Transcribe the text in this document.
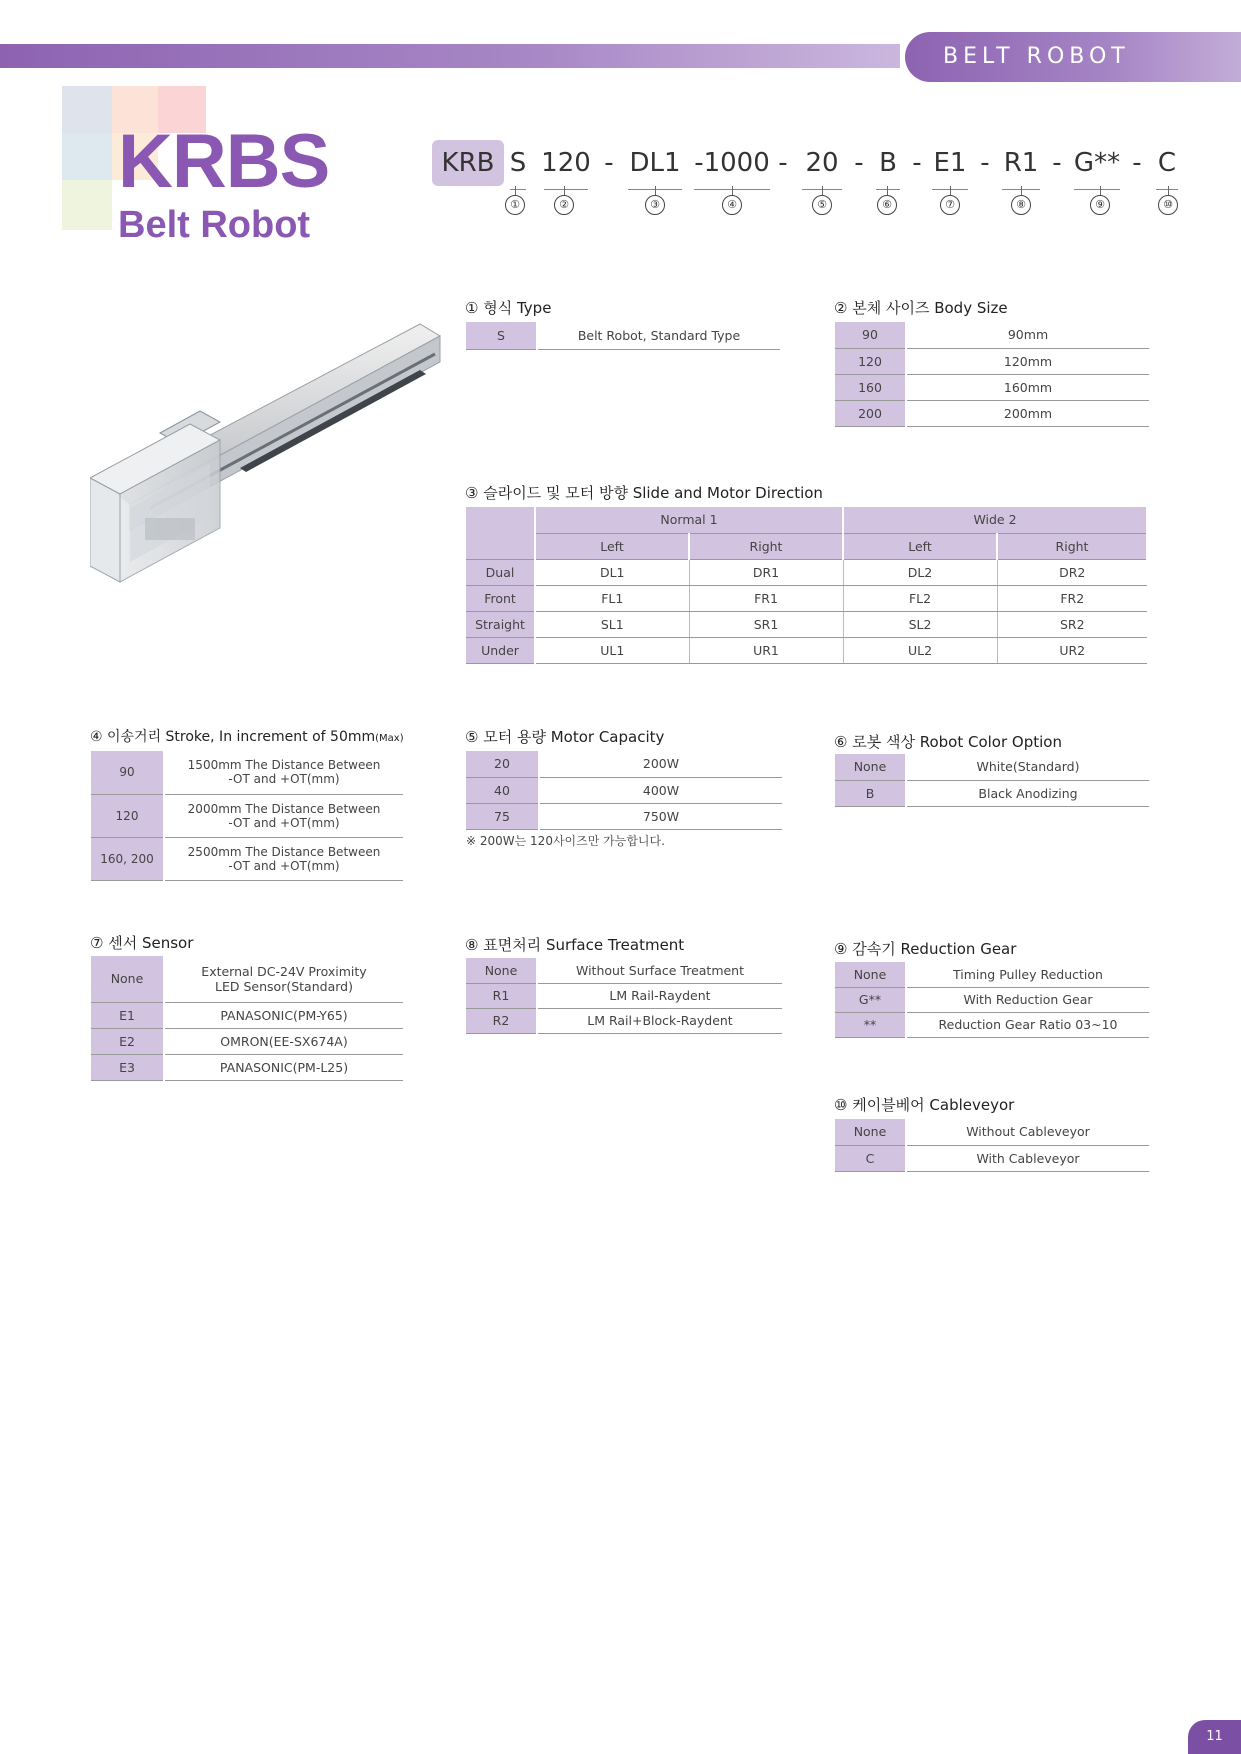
BELT ROBOT
KRBS
Belt Robot
KRB S 120 - DL1 -1000 - 20 - B - E1 - R1 - G** - C
①	②	③	④	⑤	⑥	⑦	⑧	⑨	⑩
① 형식 Type
S	Belt Robot, Standard Type
② 본체 사이즈 Body Size
90	90mm
120	120mm
160	160mm
200	200mm
③ 슬라이드 및 모터 방향 Slide and Motor Direction
	Normal 1		Wide 2	
	Left	Right	Left	Right
Dual	DL1	DR1	DL2	DR2
Front	FL1	FR1	FL2	FR2
Straight	SL1	SR1	SL2	SR2
Under	UL1	UR1	UL2	UR2
④ 이송거리 Stroke, In increment of 50mm(Max)
90	1500mm The Distance Between
-OT and +OT(mm)

120	2000mm The Distance Between
-OT and +OT(mm)

160, 200	2500mm The Distance Between
-OT and +OT(mm)
⑤ 모터 용량 Motor Capacity
20	200W
40	400W
75	750W
※ 200W는 120사이즈만 가능합니다.
⑥ 로봇 색상 Robot Color Option
None	White(Standard)
B	Black Anodizing
⑦ 센서 Sensor
None	External DC-24V Proximity
LED Sensor(Standard)

E1	PANASONIC(PM-Y65)
E2	OMRON(EE-SX674A)
E3	PANASONIC(PM-L25)
⑧ 표면처리 Surface Treatment
None	Without Surface Treatment
R1	LM Rail-Raydent
R2	LM Rail+Block-Raydent
⑨ 감속기 Reduction Gear
None	Timing Pulley Reduction
G**	With Reduction Gear
**	Reduction Gear Ratio 03~10
⑩ 케이블베어 Cableveyor
None	Without Cableveyor
C	With Cableveyor
11
